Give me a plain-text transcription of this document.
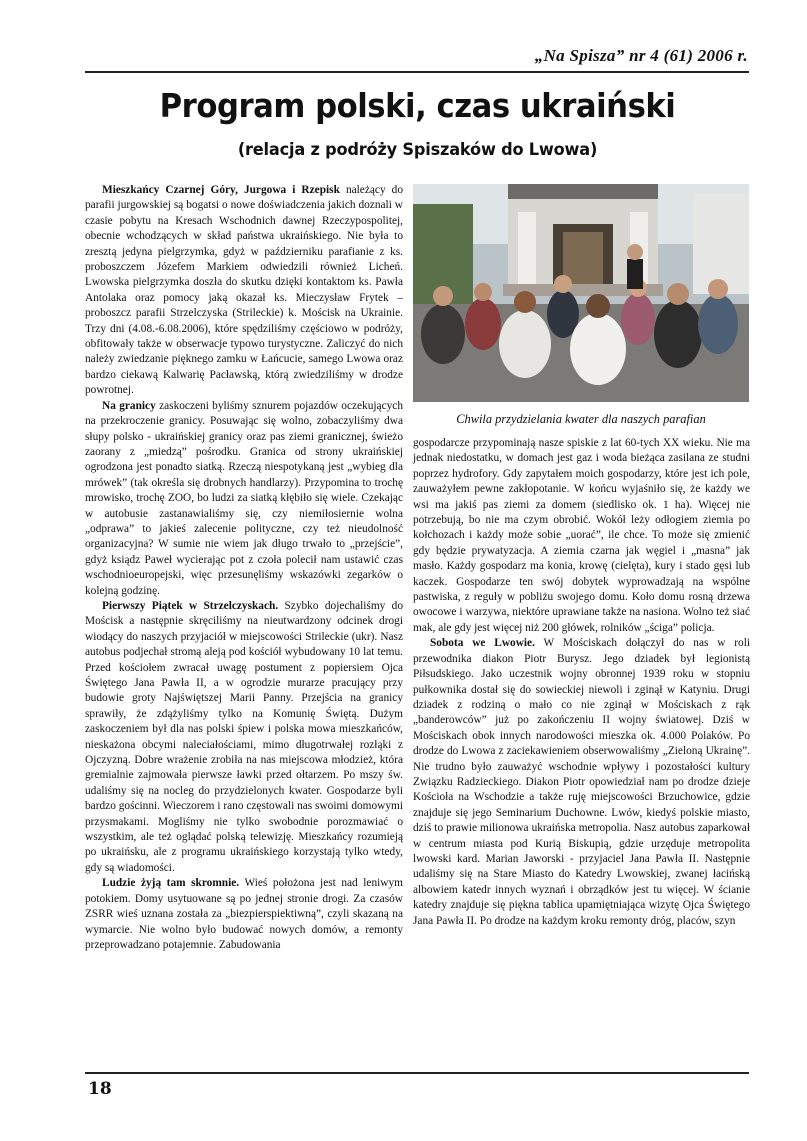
„Na Spisza” nr 4 (61) 2006 r.
Program polski, czas ukraiński
(relacja z podróży Spiszaków do Lwowa)

Mieszkańcy Czarnej Góry, Jurgowa i Rzepisk należący do parafii jurgowskiej są bogatsi o nowe doświadczenia jakich doznali w czasie pobytu na Kresach Wschodnich dawnej Rzeczypospolitej, obecnie wchodzących w skład państwa ukraińskiego. Nie była to zresztą jedyna pielgrzymka, gdyż w październiku parafianie z ks. proboszczem Józefem Markiem odwiedzili również Licheń. Lwowska pielgrzymka doszła do skutku dzięki kontaktom ks. Pawła Antolaka oraz pomocy jaką okazał ks. Mieczysław Frytek – proboszcz parafii Strzelczyska (Strileckie) k. Mościsk na Ukrainie. Trzy dni (4.08.-6.08.2006), które spędziliśmy częściowo w podróży, obfitowały także w obserwacje typowo turystyczne. Zaliczyć do nich należy zwiedzanie pięknego zamku w Łańcucie, samego Lwowa oraz bardzo ciekawą Kalwarię Pacławską, którą zwiedziliśmy w drodze powrotnej.

Na granicy zaskoczeni byliśmy sznurem pojazdów oczekujących na przekroczenie granicy. Posuwając się wolno, zobaczyliśmy dwa słupy polsko - ukraińskiej granicy oraz pas ziemi granicznej, świeżo zaorany z „miedzą” pośrodku. Granica od strony ukraińskiej ogrodzona jest ponadto siatką. Rzeczą niespotykaną jest „wybieg dla mrówek” (tak określa się drobnych handlarzy). Przypomina to trochę mrowisko, trochę ZOO, bo ludzi za siatką kłębiło się wiele. Czekając w autobusie zastanawialiśmy się, czy niemiłosiernie wolna „odprawa” to jakieś zalecenie polityczne, czy też nieudolność organizacyjna? W sumie nie wiem jak długo trwało to „przejście”, gdyż ksiądz Paweł wycierając pot z czoła polecił nam ustawić czas wschodnioeuropejski, więc przesunęliśmy wskazówki zegarków o kolejną godzinę.

Pierwszy Piątek w Strzelczyskach. Szybko dojechaliśmy do Mościsk a następnie skręciliśmy na nieutwardzony odcinek drogi wiodący do naszych przyjaciół w miejscowości Strileckie (ukr). Nasz autobus podjechał stromą aleją pod kościół wybudowany 10 lat temu. Przed kościołem zwracał uwagę postument z popiersiem Ojca Świętego Jana Pawła II, a w ogrodzie murarze pracujący przy budowie groty Najświętszej Marii Panny. Przejścia na granicy sprawiły, że zdążyliśmy tylko na Komunię Świętą. Dużym zaskoczeniem był dla nas polski śpiew i polska mowa mieszkańców, nieskażona obcymi naleciałościami, mimo długotrwałej rozłąki z Ojczyzną. Dobre wrażenie zrobiła na nas miejscowa młodzież, która gremialnie zajmowała pierwsze ławki przed ołtarzem. Po mszy św. udaliśmy się na nocleg do przydzielonych kwater. Gospodarze byli bardzo gościnni. Wieczorem i rano częstowali nas swoimi domowymi przysmakami. Mogliśmy nie tylko swobodnie porozmawiać o wszystkim, ale też oglądać polską telewizję. Mieszkańcy rozumieją po ukraińsku, ale z programu ukraińskiego korzystają tylko wtedy, gdy są wiadomości.

Ludzie żyją tam skromnie. Wieś położona jest nad leniwym potokiem. Domy usytuowane są po jednej stronie drogi. Za czasów ZSRR wieś uznana została za „biezpierspiektiwną”, czyli skazaną na wymarcie. Nie wolno było budować nowych domów, a remonty przeprowadzano potajemnie. Zabudowania

Chwila przydzielania kwater dla naszych parafian

gospodarcze przypominają nasze spiskie z lat 60-tych XX wieku. Nie ma jednak niedostatku, w domach jest gaz i woda bieżąca zasilana ze studni poprzez hydrofory. Gdy zapytałem moich gospodarzy, które jest ich pole, zauważyłem pewne zakłopotanie. W końcu wyjaśniło się, że każdy we wsi ma jakiś pas ziemi za domem (siedlisko ok. 1 ha). Więcej nie potrzebują, bo nie ma czym obrobić. Wokół leży odłogiem ziemia po kołchozach i każdy może sobie „uorać”, ile chce. To może się zmienić gdy będzie prywatyzacja. A ziemia czarna jak węgiel i „masna” jak masło. Każdy gospodarz ma konia, krowę (cielęta), kury i stado gęsi lub kaczek. Gospodarze ten swój dobytek wyprowadzają na wspólne pastwiska, z reguły w pobliżu swojego domu. Koło domu rosną drzewa owocowe i warzywa, niektóre uprawiane także na nasiona. Wolno też siać mak, ale gdy jest więcej niż 200 główek, rolników „ściga” policja.

Sobota we Lwowie. W Mościskach dołączył do nas w roli przewodnika diakon Piotr Burysz. Jego dziadek był legionistą Piłsudskiego. Jako uczestnik wojny obronnej 1939 roku w stopniu pułkownika dostał się do sowieckiej niewoli i zginął w Katyniu. Drugi dziadek z rodziną o mało co nie zginął w Mościskach z rąk „banderowców” już po zakończeniu II wojny światowej. Dziś w Mościskach obok innych narodowości mieszka ok. 4.000 Polaków. Po drodze do Lwowa z zaciekawieniem obserwowaliśmy „Zieloną Ukrainę”. Nie trudno było zauważyć wschodnie wpływy i pozostałości kultury Związku Radzieckiego. Diakon Piotr opowiedział nam po drodze dzieje Kościoła na Wschodzie a także ruję miejscowości Brzuchowice, gdzie znajduje się jego Seminarium Duchowne. Lwów, kiedyś polskie miasto, dziś to prawie milionowa ukraińska metropolia. Nasz autobus zaparkował w centrum miasta pod Kurią Biskupią, gdzie urzęduje metropolita lwowski kard. Marian Jaworski - przyjaciel Jana Pawła II. Następnie udaliśmy się na Stare Miasto do Katedry Lwowskiej, zwanej łacińską albowiem katedr innych wyznań i obrządków jest tu więcej. W ścianie katedry znajduje się piękna tablica upamiętniająca wizytę Ojca Świętego Jana Pawła II. Po drodze na każdym kroku remonty dróg, placów, szyn

18
